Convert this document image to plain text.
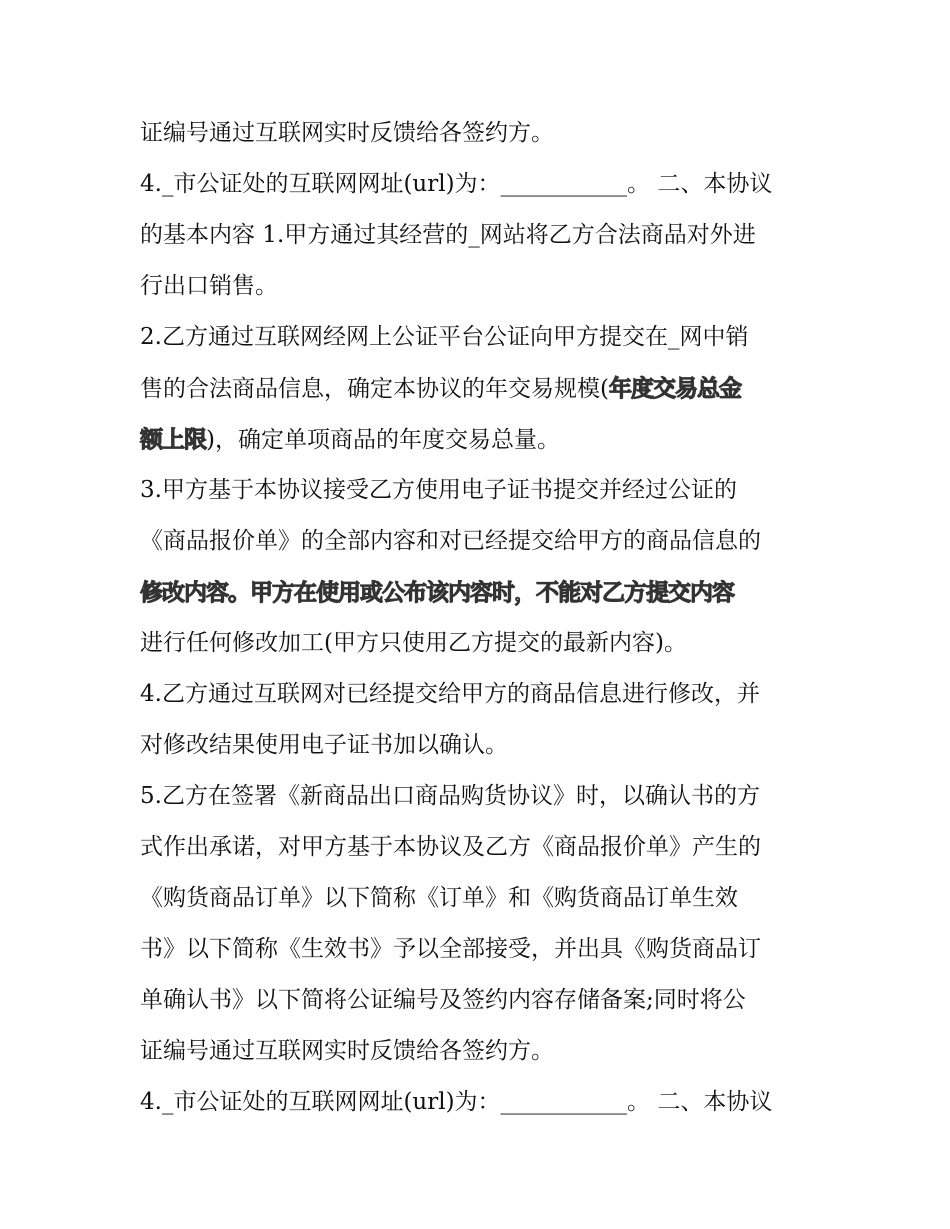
证编号通过互联网实时反馈给各签约方。
4._市公证处的互联网网址(url)为：___________。 二、本协议
的基本内容 1.甲方通过其经营的_网站将乙方合法商品对外进
行出口销售。
2.乙方通过互联网经网上公证平台公证向甲方提交在_网中销
售的合法商品信息，确定本协议的年交易规模(年度交易总金
额上限)，确定单项商品的年度交易总量。
3.甲方基于本协议接受乙方使用电子证书提交并经过公证的
《商品报价单》的全部内容和对已经提交给甲方的商品信息的
修改内容。甲方在使用或公布该内容时，不能对乙方提交内容
进行任何修改加工(甲方只使用乙方提交的最新内容)。
4.乙方通过互联网对已经提交给甲方的商品信息进行修改，并
对修改结果使用电子证书加以确认。
5.乙方在签署《新商品出口商品购货协议》时，以确认书的方
式作出承诺，对甲方基于本协议及乙方《商品报价单》产生的
《购货商品订单》以下简称《订单》和《购货商品订单生效
书》以下简称《生效书》予以全部接受，并出具《购货商品订
单确认书》以下简将公证编号及签约内容存储备案;同时将公
证编号通过互联网实时反馈给各签约方。
4._市公证处的互联网网址(url)为：___________。 二、本协议
